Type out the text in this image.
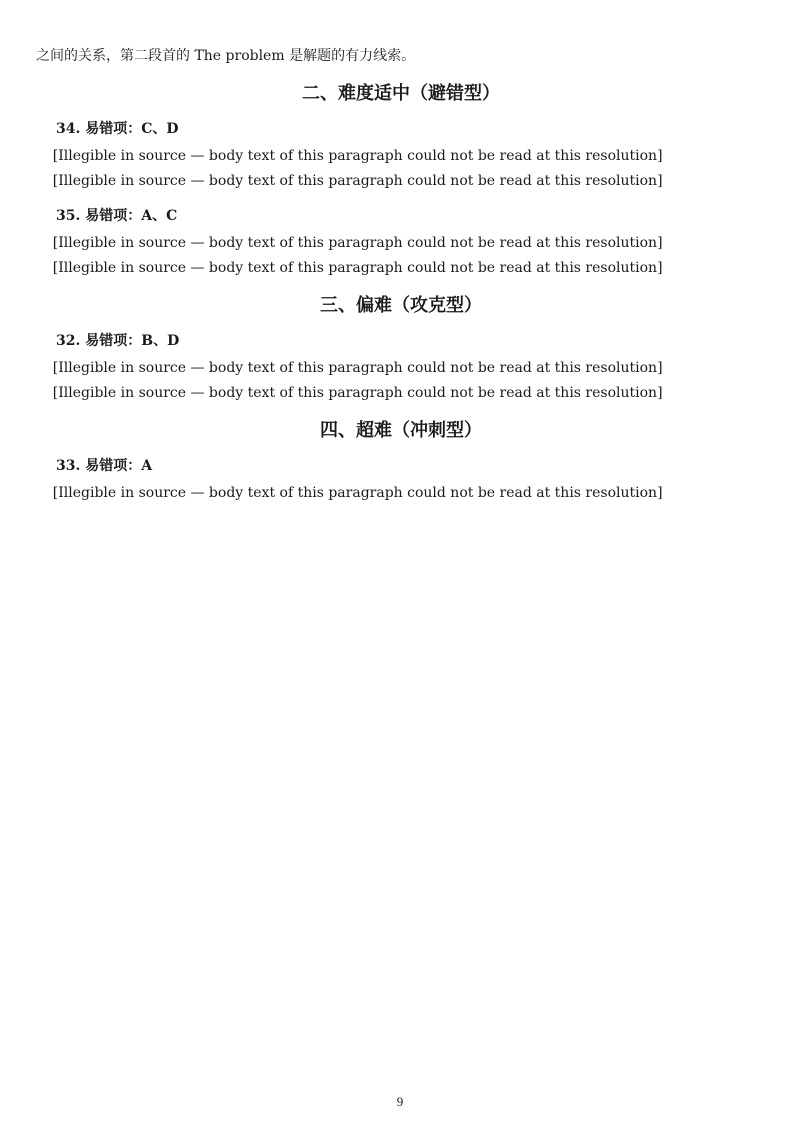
之间的关系，第二段首的 The problem 是解题的有力线索。

二、难度适中（避错型）
34. 易错项：C、D

[Illegible in source — body text of this paragraph could not be read at this resolution]

[Illegible in source — body text of this paragraph could not be read at this resolution]

35. 易错项：A、C

[Illegible in source — body text of this paragraph could not be read at this resolution]

[Illegible in source — body text of this paragraph could not be read at this resolution]

三、偏难（攻克型）
32. 易错项：B、D

[Illegible in source — body text of this paragraph could not be read at this resolution]

[Illegible in source — body text of this paragraph could not be read at this resolution]

四、超难（冲刺型）
33. 易错项：A

[Illegible in source — body text of this paragraph could not be read at this resolution]

9
